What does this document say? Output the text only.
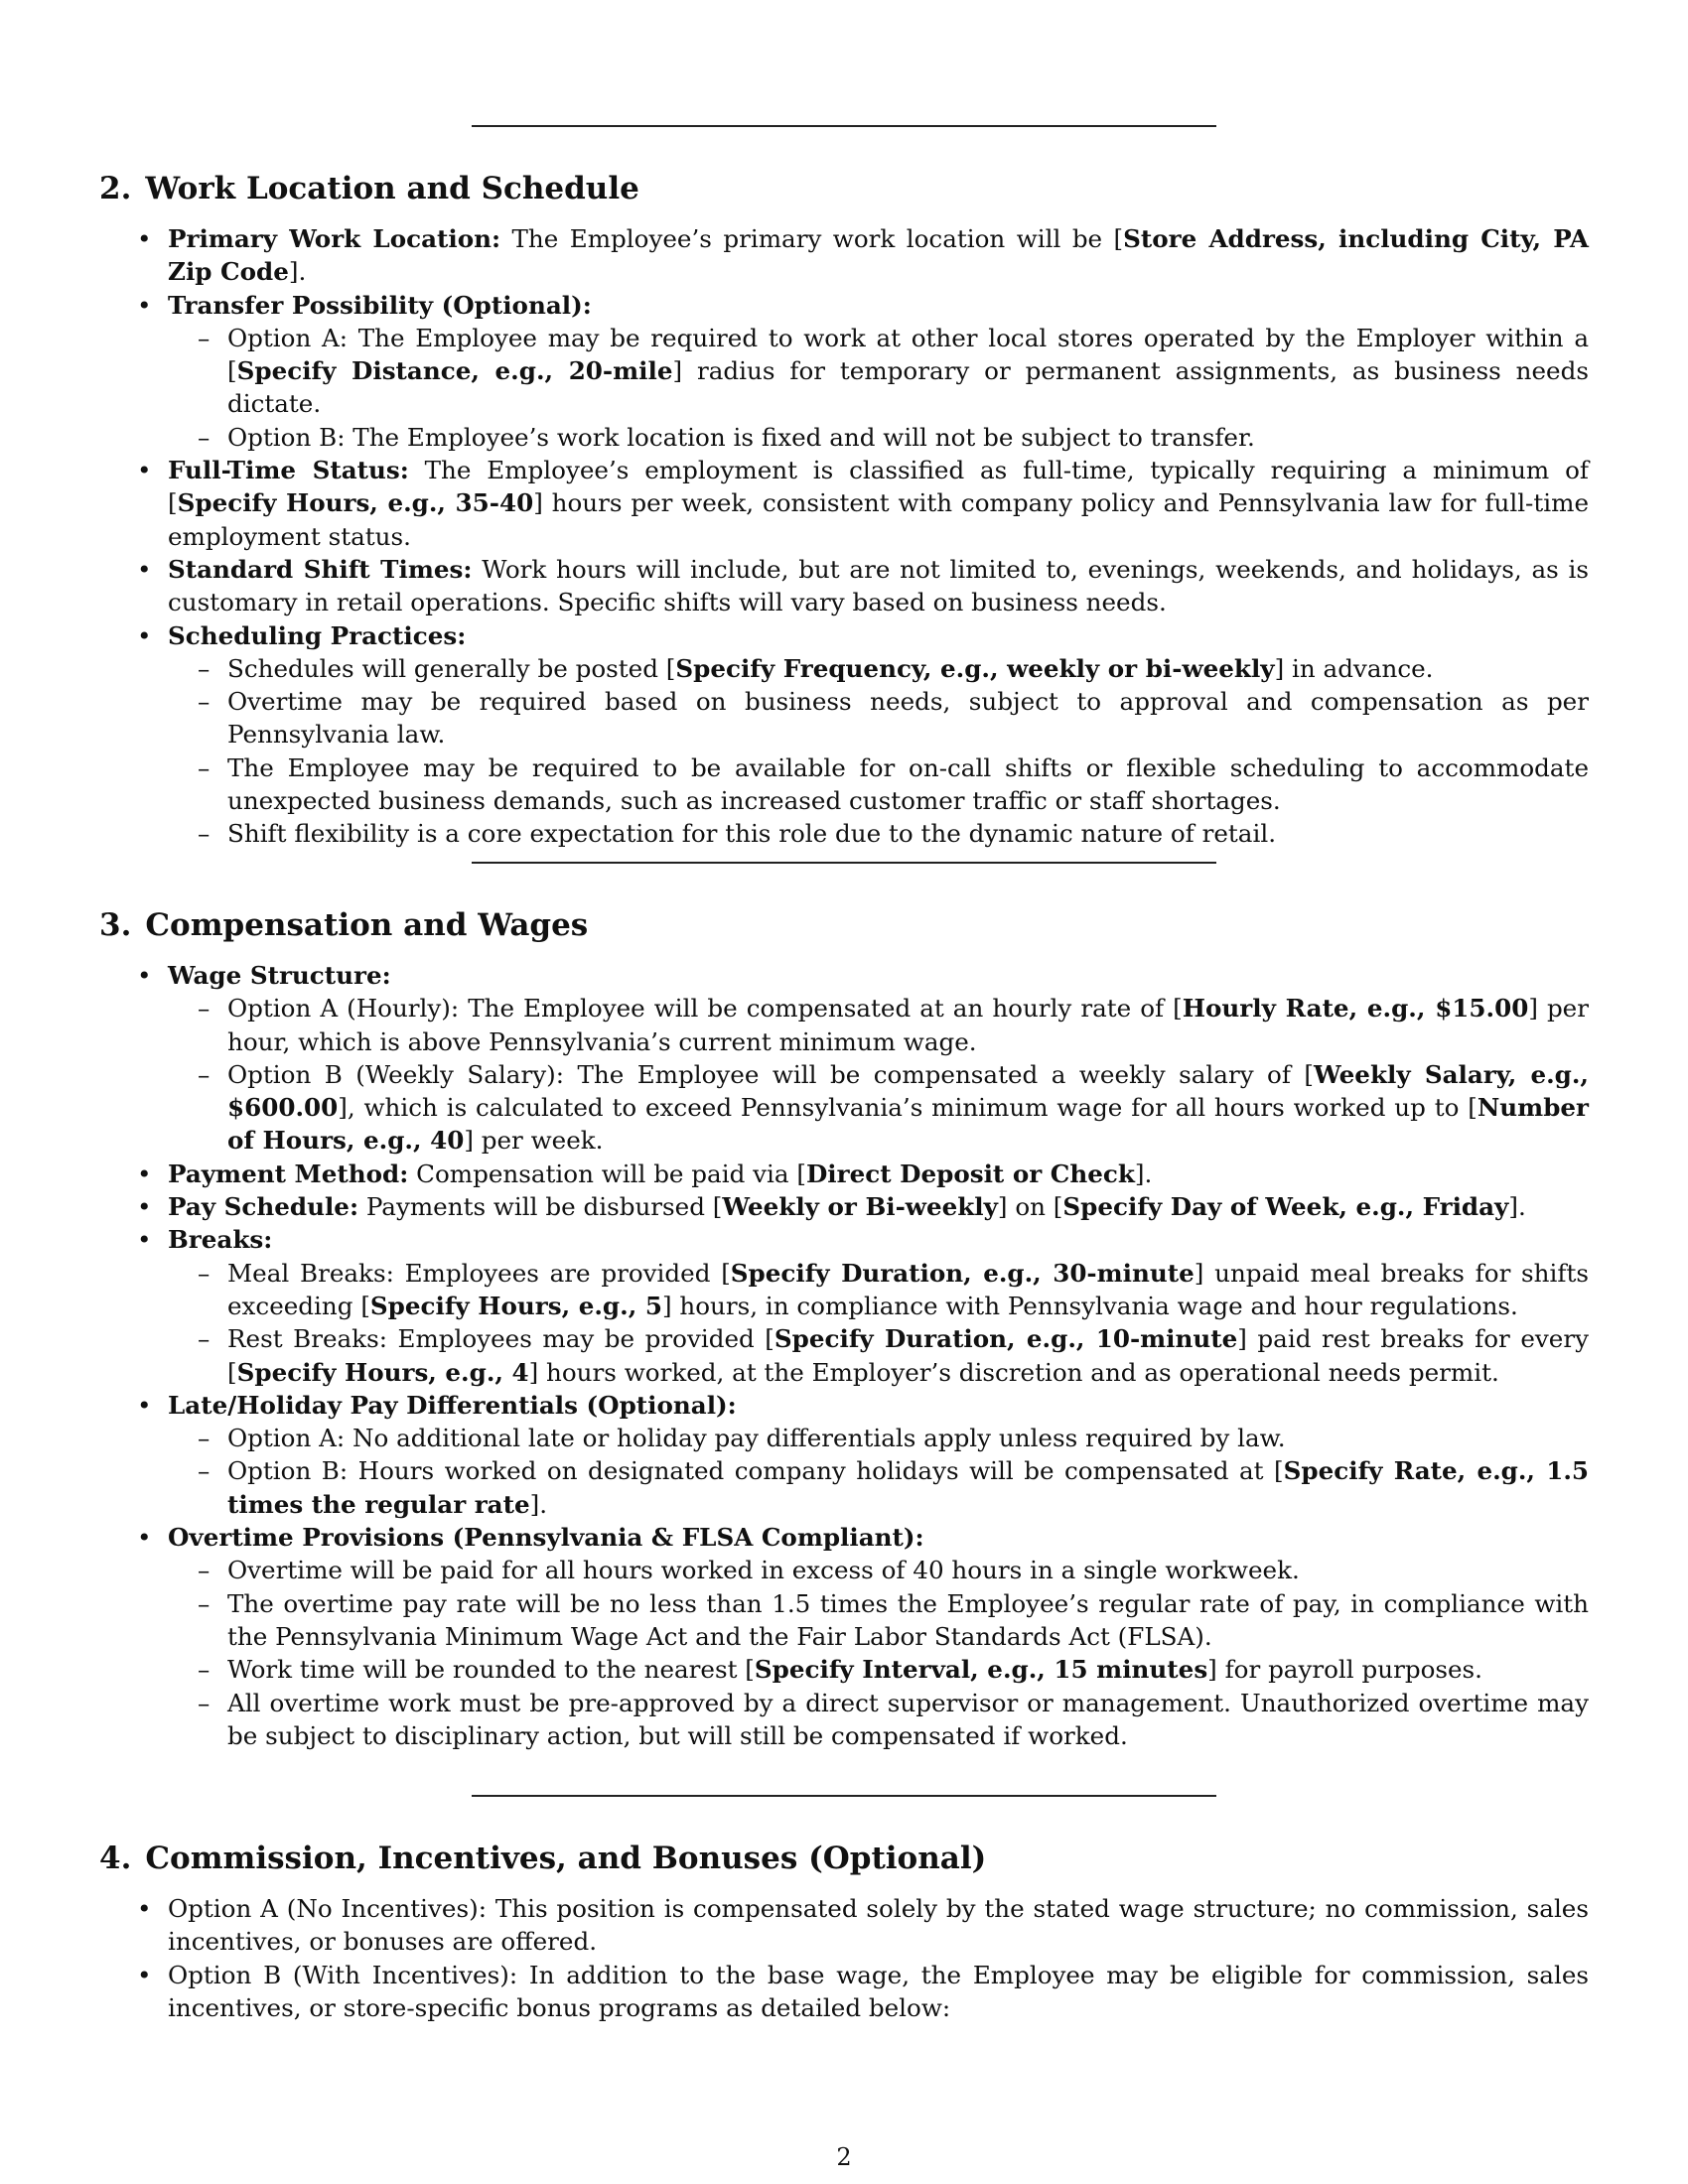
2. Work Location and Schedule
• Primary Work Location: The Employee’s primary work location will be [Store Address, including City, PA Zip Code].
• Transfer Possibility (Optional):
– Option A: The Employee may be required to work at other local stores operated by the Employer within a [Specify Distance, e.g., 20-mile] radius for temporary or permanent assignments, as business needs dictate.
– Option B: The Employee’s work location is fixed and will not be subject to transfer.
• Full-Time Status: The Employee’s employment is classified as full-time, typically requiring a minimum of [Specify Hours, e.g., 35-40] hours per week, consistent with company policy and Pennsylvania law for full-time employment status.
• Standard Shift Times: Work hours will include, but are not limited to, evenings, weekends, and holidays, as is customary in retail operations. Specific shifts will vary based on business needs.
• Scheduling Practices:
– Schedules will generally be posted [Specify Frequency, e.g., weekly or bi-weekly] in advance.
– Overtime may be required based on business needs, subject to approval and compensation as per Pennsylvania law.
– The Employee may be required to be available for on-call shifts or flexible scheduling to accommodate unexpected business demands, such as increased customer traffic or staff shortages.
– Shift flexibility is a core expectation for this role due to the dynamic nature of retail.
3. Compensation and Wages
• Wage Structure:
– Option A (Hourly): The Employee will be compensated at an hourly rate of [Hourly Rate, e.g., $15.00] per hour, which is above Pennsylvania’s current minimum wage.
– Option B (Weekly Salary): The Employee will be compensated a weekly salary of [Weekly Salary, e.g., $600.00], which is calculated to exceed Pennsylvania’s minimum wage for all hours worked up to [Number of Hours, e.g., 40] per week.
• Payment Method: Compensation will be paid via [Direct Deposit or Check].
• Pay Schedule: Payments will be disbursed [Weekly or Bi-weekly] on [Specify Day of Week, e.g., Friday].
• Breaks:
– Meal Breaks: Employees are provided [Specify Duration, e.g., 30-minute] unpaid meal breaks for shifts exceeding [Specify Hours, e.g., 5] hours, in compliance with Pennsylvania wage and hour regulations.
– Rest Breaks: Employees may be provided [Specify Duration, e.g., 10-minute] paid rest breaks for every [Specify Hours, e.g., 4] hours worked, at the Employer’s discretion and as operational needs permit.
• Late/Holiday Pay Differentials (Optional):
– Option A: No additional late or holiday pay differentials apply unless required by law.
– Option B: Hours worked on designated company holidays will be compensated at [Specify Rate, e.g., 1.5 times the regular rate].
• Overtime Provisions (Pennsylvania & FLSA Compliant):
– Overtime will be paid for all hours worked in excess of 40 hours in a single workweek.
– The overtime pay rate will be no less than 1.5 times the Employee’s regular rate of pay, in compliance with the Pennsylvania Minimum Wage Act and the Fair Labor Standards Act (FLSA).
– Work time will be rounded to the nearest [Specify Interval, e.g., 15 minutes] for payroll purposes.
– All overtime work must be pre-approved by a direct supervisor or management. Unauthorized overtime may be subject to disciplinary action, but will still be compensated if worked.
4. Commission, Incentives, and Bonuses (Optional)
• Option A (No Incentives): This position is compensated solely by the stated wage structure; no commission, sales incentives, or bonuses are offered.
• Option B (With Incentives): In addition to the base wage, the Employee may be eligible for commission, sales incentives, or store-specific bonus programs as detailed below:
2
